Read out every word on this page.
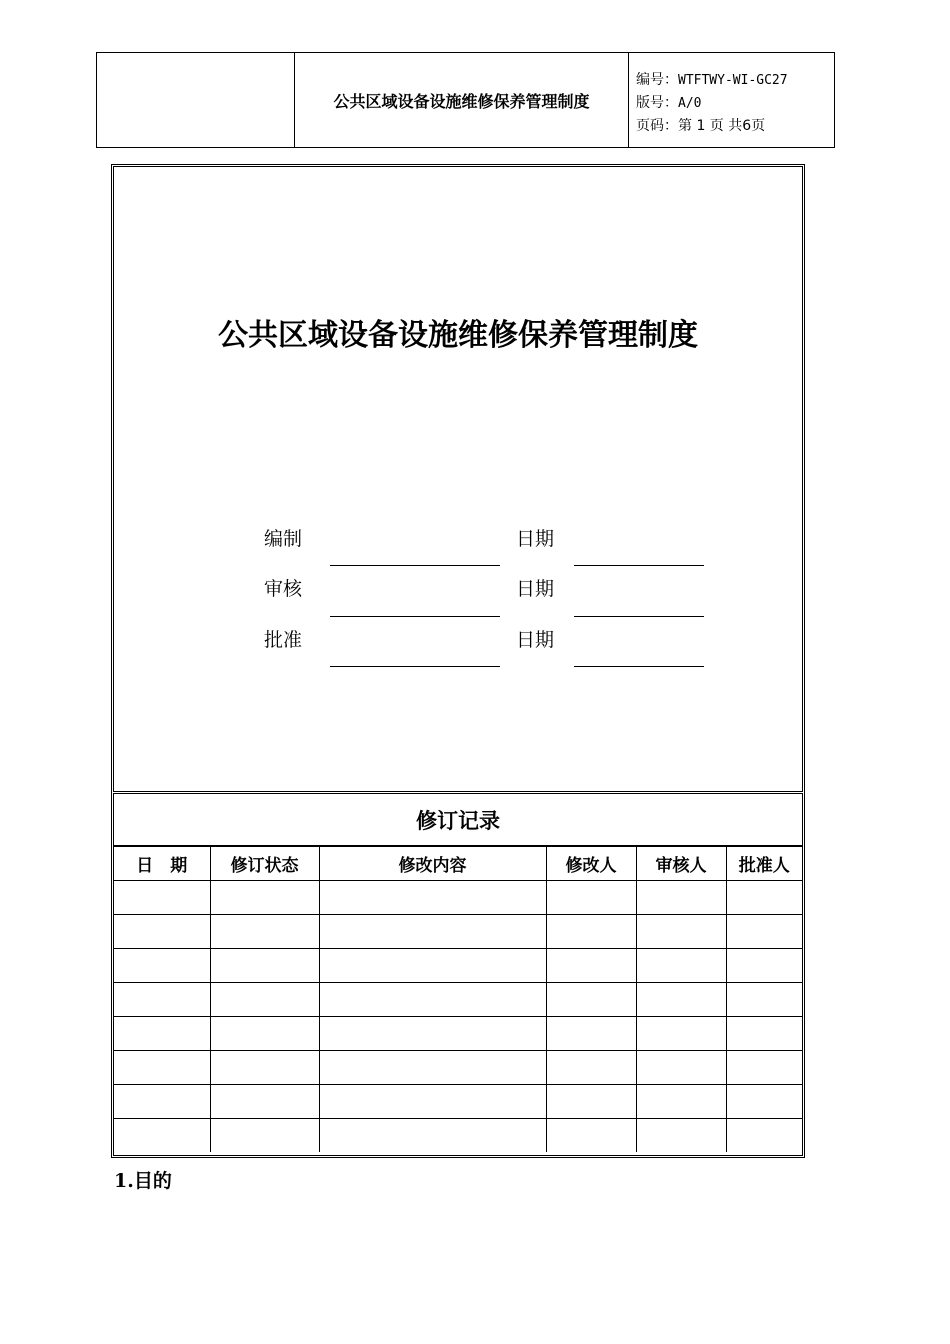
公共区域设备设施维修保养管理制度
编号：WTFTWY-WI-GC27
版号：A/0
页码：第 1 页 共6页
公共区域设备设施维修保养管理制度
编制	日期
审核	日期
批准	日期
修订记录
日　期	修订状态	修改内容	修改人	审核人	批准人

1.目的
